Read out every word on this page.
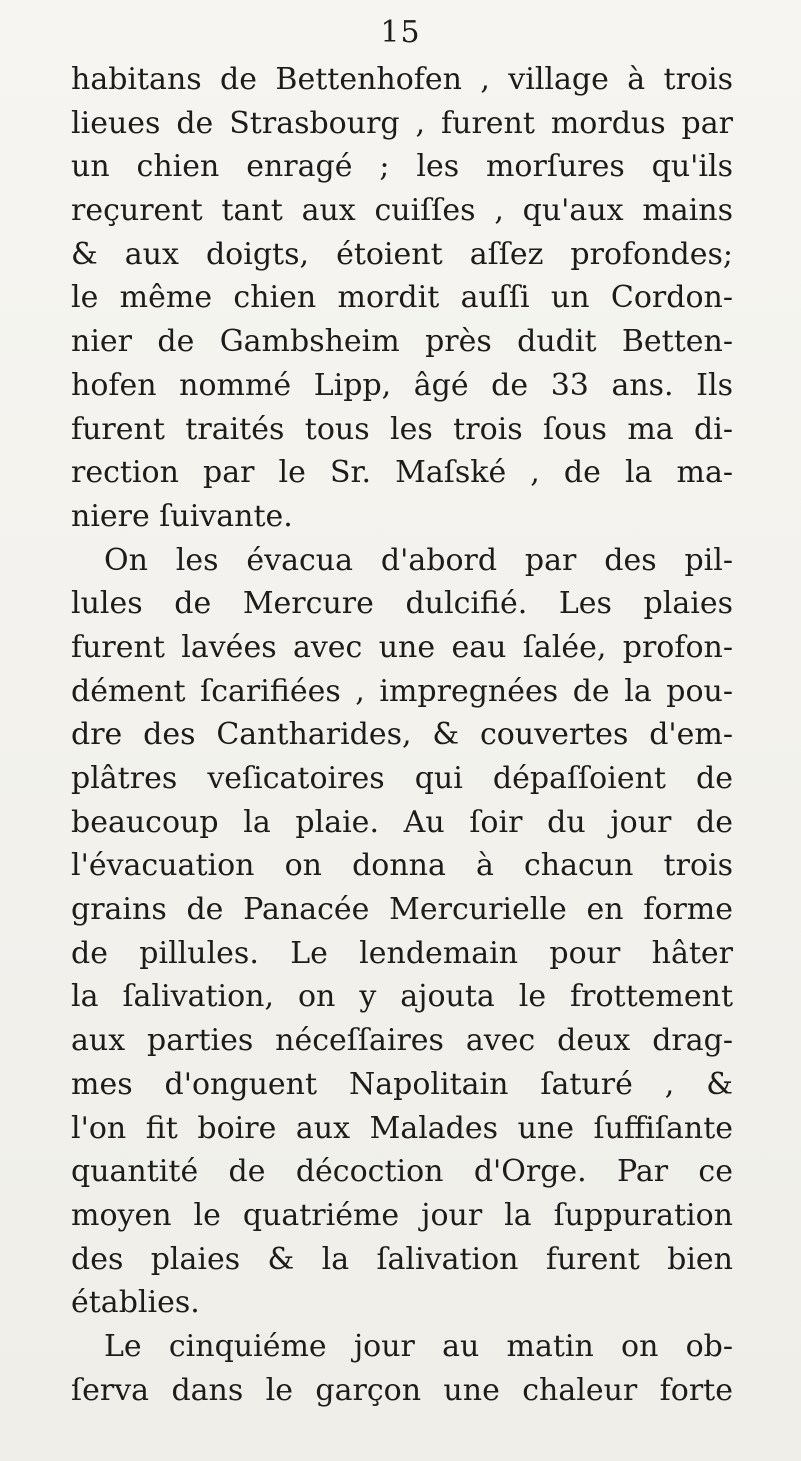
15
habitans de Bettenhofen , village à trois
lieues de Strasbourg , furent mordus par
un chien enragé ; les morſures qu'ils
reçurent tant aux cuiſſes , qu'aux mains
& aux doigts, étoient aſſez profondes;
le même chien mordit auſſi un Cordon-
nier de Gambsheim près dudit Betten-
hofen nommé Lipp, âgé de 33 ans. Ils
furent traités tous les trois ſous ma di-
rection par le Sr. Maſské , de la ma-
niere ſuivante.
On les évacua d'abord par des pil-
lules de Mercure dulcifié. Les plaies
furent lavées avec une eau ſalée, profon-
dément ſcarifiées , impregnées de la pou-
dre des Cantharides, & couvertes d'em-
plâtres veſicatoires qui dépaſſoient de
beaucoup la plaie. Au ſoir du jour de
l'évacuation on donna à chacun trois
grains de Panacée Mercurielle en forme
de pillules. Le lendemain pour hâter
la ſalivation, on y ajouta le frottement
aux parties néceſſaires avec deux drag-
mes d'onguent Napolitain ſaturé , &
l'on fit boire aux Malades une ſuffiſante
quantité de décoction d'Orge. Par ce
moyen le quatriéme jour la ſuppuration
des plaies & la ſalivation furent bien
établies.
Le cinquiéme jour au matin on ob-
ſerva dans le garçon une chaleur forte
